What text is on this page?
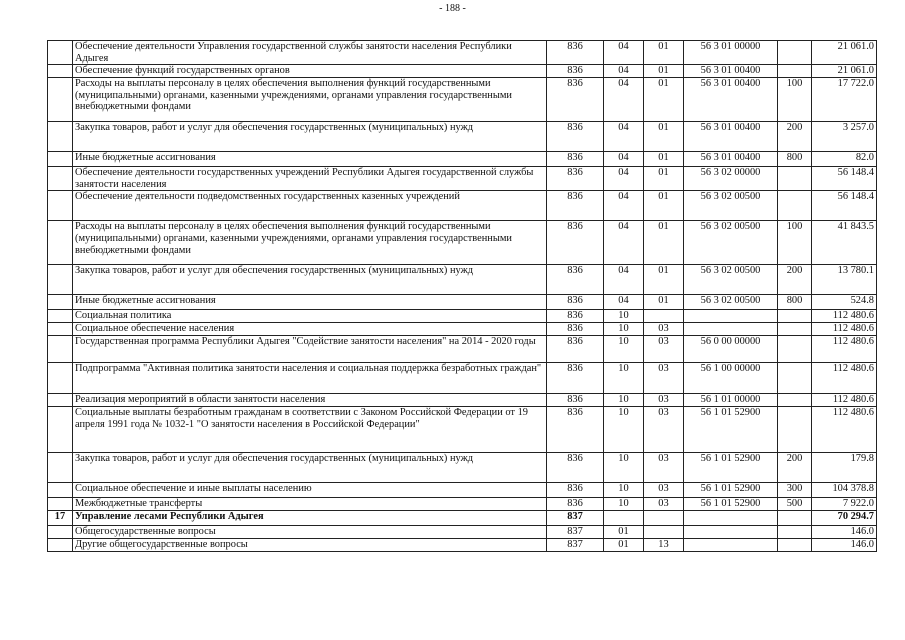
- 188 -
	Обеспечение деятельности Управления государственной службы занятости населения Республики Адыгея	836	04	01	56 3 01 00000		21 061.0
	Обеспечение функций государственных органов	836	04	01	56 3 01 00400		21 061.0
	Расходы на выплаты персоналу в целях обеспечения выполнения функций государственными (муниципальными) органами, казенными учреждениями, органами управления государственными внебюджетными фондами	836	04	01	56 3 01 00400	100	17 722.0
	Закупка товаров, работ и услуг для обеспечения государственных (муниципальных) нужд	836	04	01	56 3 01 00400	200	3 257.0
	Иные бюджетные ассигнования	836	04	01	56 3 01 00400	800	82.0
	Обеспечение деятельности государственных учреждений Республики Адыгея государственной службы занятости населения	836	04	01	56 3 02 00000		56 148.4
	Обеспечение деятельности подведомственных государственных казенных учреждений	836	04	01	56 3 02 00500		56 148.4
	Расходы на выплаты персоналу в целях обеспечения выполнения функций государственными (муниципальными) органами, казенными учреждениями, органами управления государственными внебюджетными фондами	836	04	01	56 3 02 00500	100	41 843.5
	Закупка товаров, работ и услуг для обеспечения государственных (муниципальных) нужд	836	04	01	56 3 02 00500	200	13 780.1
	Иные бюджетные ассигнования	836	04	01	56 3 02 00500	800	524.8
	Социальная политика	836	10				112 480.6
	Социальное обеспечение населения	836	10	03			112 480.6
	Государственная программа Республики Адыгея "Содействие занятости населения" на 2014 - 2020 годы	836	10	03	56 0 00 00000		112 480.6
	Подпрограмма "Активная политика занятости населения и социальная поддержка безработных граждан"	836	10	03	56 1 00 00000		112 480.6
	Реализация мероприятий в области занятости населения	836	10	03	56 1 01 00000		112 480.6
	Социальные выплаты безработным гражданам в соответствии с Законом Российской Федерации от 19 апреля 1991 года № 1032-1 "О занятости населения в Российской Федерации"	836	10	03	56 1 01 52900		112 480.6
	Закупка товаров, работ и услуг для обеспечения государственных (муниципальных) нужд	836	10	03	56 1 01 52900	200	179.8
	Социальное обеспечение и иные выплаты населению	836	10	03	56 1 01 52900	300	104 378.8
	Межбюджетные трансферты	836	10	03	56 1 01 52900	500	7 922.0
17	Управление лесами Республики Адыгея	837					70 294.7
	Общегосударственные вопросы	837	01				146.0
	Другие общегосударственные вопросы	837	01	13			146.0
